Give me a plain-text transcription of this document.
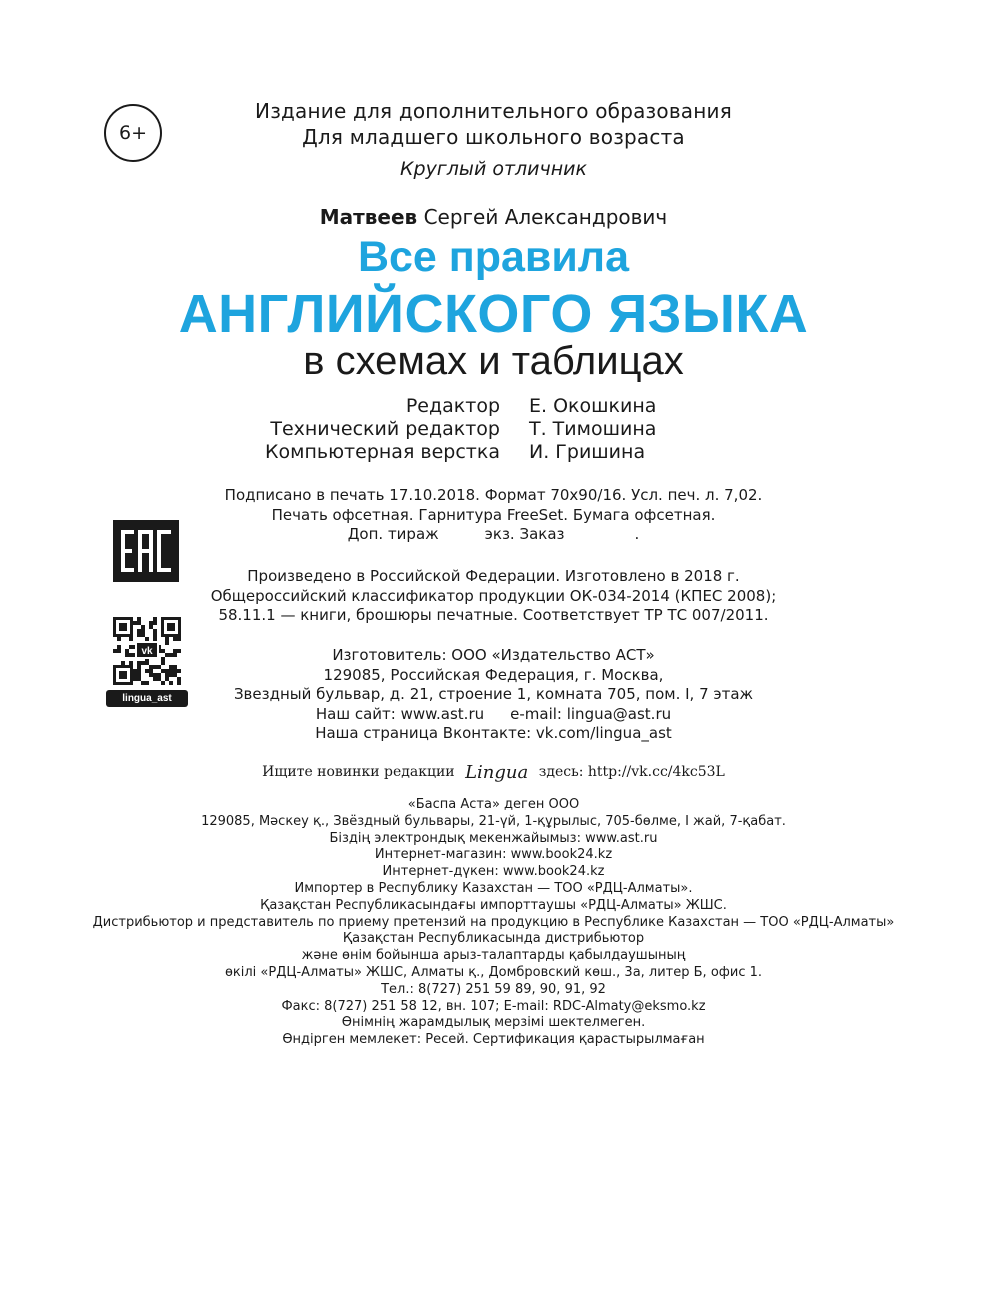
6+
Издание для дополнительного образования
Для младшего школьного возраста
Круглый отличник
Матвеев Сергей Александрович
Все правила
АНГЛИЙСКОГО ЯЗЫКА
в схемах и таблицах
Редактор Е. Окошкина
Технический редактор Т. Тимошина
Компьютерная верстка И. Гришина
Подписано в печать 17.10.2018. Формат 70x90/16. Усл. печ. л. 7,02.
Печать офсетная. Гарнитура FreeSet. Бумага офсетная.
Доп. тираж	экз. Заказ	.
vk
lingua_ast
Произведено в Российской Федерации. Изготовлено в 2018 г.
Общероссийский классификатор продукции ОК-034-2014 (КПЕС 2008);
58.11.1 — книги, брошюры печатные. Соответствует ТР ТС 007/2011.
Изготовитель: ООО «Издательство АСТ»
129085, Российская Федерация, г. Москва,
Звездный бульвар, д. 21, строение 1, комната 705, пом. I, 7 этаж
Наш сайт: www.ast.ru e-mail: lingua@ast.ru
Наша страница Вконтакте: vk.com/lingua_ast
Ищите новинки редакции Lingua здесь: http://vk.cc/4kc53L
«Баспа Аста» деген ООО
129085, Мәскеу қ., Звёздный бульвары, 21-үй, 1-құрылыс, 705-бөлме, I жай, 7-қабат.
Біздің электрондық мекенжайымыз: www.ast.ru
Интернет-магазин: www.book24.kz
Интернет-дүкен: www.book24.kz
Импортер в Республику Казахстан — ТОО «РДЦ-Алматы».
Қазақстан Республикасындағы импорттаушы «РДЦ-Алматы» ЖШС.
Дистрибьютор и представитель по приему претензий на продукцию в Республике Казахстан — ТОО «РДЦ-Алматы»
Қазақстан Республикасында дистрибьютор
және өнім бойынша арыз-талаптарды қабылдаушының
өкілі «РДЦ-Алматы» ЖШС, Алматы қ., Домбровский көш., 3а, литер Б, офис 1.
Тел.: 8(727) 251 59 89, 90, 91, 92
Факс: 8(727) 251 58 12, вн. 107; E-mail: RDC-Almaty@eksmo.kz
Өнімнің жарамдылық мерзімі шектелмеген.
Өндірген мемлекет: Ресей. Сертификация қарастырылмаған
